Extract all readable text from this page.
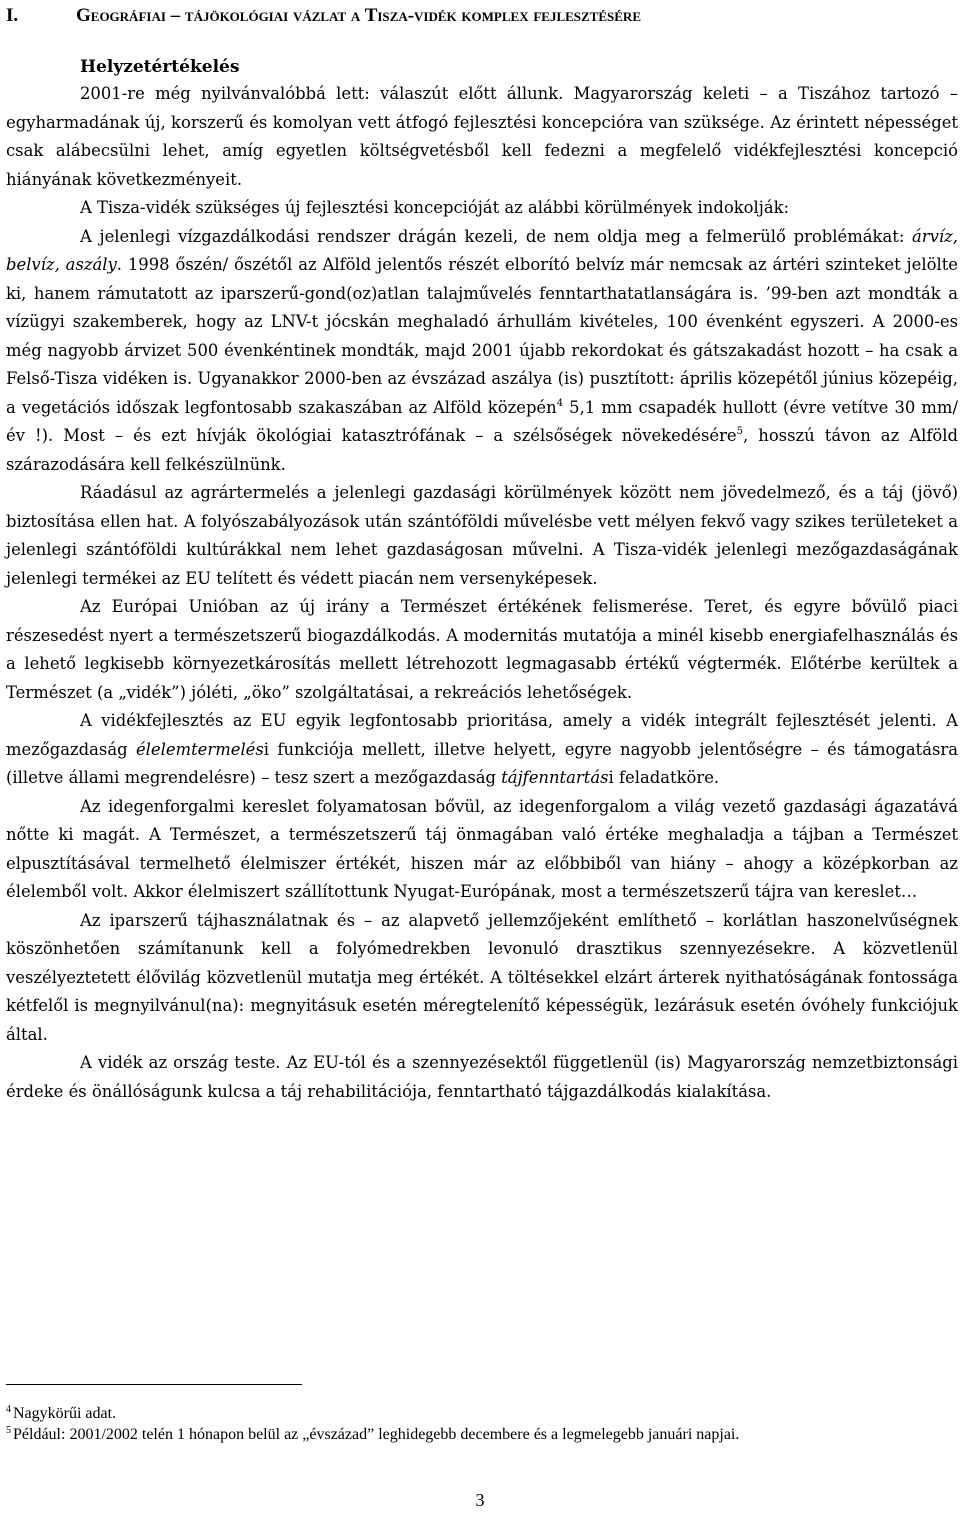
I.	Geográfiai – tájökológiai vázlat a Tisza-vidék komplex fejlesztésére
Helyzetértékelés

2001-re még nyilvánvalóbbá lett: válaszút előtt állunk. Magyarország keleti – a Tiszához tartozó – egyharmadának új, korszerű és komolyan vett átfogó fejlesztési koncepcióra van szüksége. Az érintett népességet csak alábecsülni lehet, amíg egyetlen költségvetésből kell fedezni a megfelelő vidékfejlesztési koncepció hiányának következményeit.

A Tisza-vidék szükséges új fejlesztési koncepcióját az alábbi körülmények indokolják:

A jelenlegi vízgazdálkodási rendszer drágán kezeli, de nem oldja meg a felmerülő problémákat: árvíz, belvíz, aszály. 1998 őszén/ őszétől az Alföld jelentős részét elborító belvíz már nemcsak az ártéri szinteket jelölte ki, hanem rámutatott az iparszerű-gond(oz)atlan talajművelés fenntarthatatlanságára is. ’99-ben azt mondták a vízügyi szakemberek, hogy az LNV-t jócskán meghaladó árhullám kivételes, 100 évenként egyszeri. A 2000-es még nagyobb árvizet 500 évenkéntinek mondták, majd 2001 újabb rekordokat és gátszakadást hozott – ha csak a Felső-Tisza vidéken is. Ugyanakkor 2000-ben az évszázad aszálya (is) pusztított: április közepétől június közepéig, a vegetációs időszak legfontosabb szakaszában az Alföld közepén$^4$ 5,1 mm csapadék hullott (évre vetítve 30 mm/év !). Most – és ezt hívják ökológiai katasztrófának – a szélsőségek növekedésére$^5$, hosszú távon az Alföld szárazodására kell felkészülnünk.

Ráadásul az agrártermelés a jelenlegi gazdasági körülmények között nem jövedelmező, és a táj (jövő) biztosítása ellen hat. A folyószabályozások után szántóföldi művelésbe vett mélyen fekvő vagy szikes területeket a jelenlegi szántóföldi kultúrákkal nem lehet gazdaságosan művelni. A Tisza-vidék jelenlegi mezőgazdaságának jelenlegi termékei az EU telített és védett piacán nem versenyképesek.

Az Európai Unióban az új irány a Természet értékének felismerése. Teret, és egyre bővülő piaci részesedést nyert a természetszerű biogazdálkodás. A modernitás mutatója a minél kisebb energiafelhasználás és a lehető legkisebb környezetkárosítás mellett létrehozott legmagasabb értékű végtermék. Előtérbe kerültek a Természet (a „vidék”) jóléti, „öko” szolgáltatásai, a rekreációs lehetőségek.

A vidékfejlesztés az EU egyik legfontosabb prioritása, amely a vidék integrált fejlesztését jelenti. A mezőgazdaság élelemtermelési funkciója mellett, illetve helyett, egyre nagyobb jelentőségre – és támogatásra (illetve állami megrendelésre) – tesz szert a mezőgazdaság tájfenntartási feladatköre.

Az idegenforgalmi kereslet folyamatosan bővül, az idegenforgalom a világ vezető gazdasági ágazatává nőtte ki magát. A Természet, a természetszerű táj önmagában való értéke meghaladja a tájban a Természet elpusztításával termelhető élelmiszer értékét, hiszen már az előbbiből van hiány – ahogy a középkorban az élelemből volt. Akkor élelmiszert szállítottunk Nyugat-Európának, most a természetszerű tájra van kereslet…

Az iparszerű tájhasználatnak és – az alapvető jellemzőjeként említhető – korlátlan haszonelvűségnek köszönhetően számítanunk kell a folyómedrekben levonuló drasztikus szennyezésekre. A közvetlenül veszélyeztetett élővilág közvetlenül mutatja meg értékét. A töltésekkel elzárt árterek nyithatóságának fontossága kétfelől is megnyilvánul(na): megnyitásuk esetén méregtelenítő képességük, lezárásuk esetén óvóhely funkciójuk által.

A vidék az ország teste. Az EU-tól és a szennyezésektől függetlenül (is) Magyarország nemzetbiztonsági érdeke és önállóságunk kulcsa a táj rehabilitációja, fenntartható tájgazdálkodás kialakítása.

$^4$ Nagykörűi adat.
$^5$ Például: 2001/2002 telén 1 hónapon belül az „évszázad” leghidegebb decembere és a legmelegebb januári napjai.
3
